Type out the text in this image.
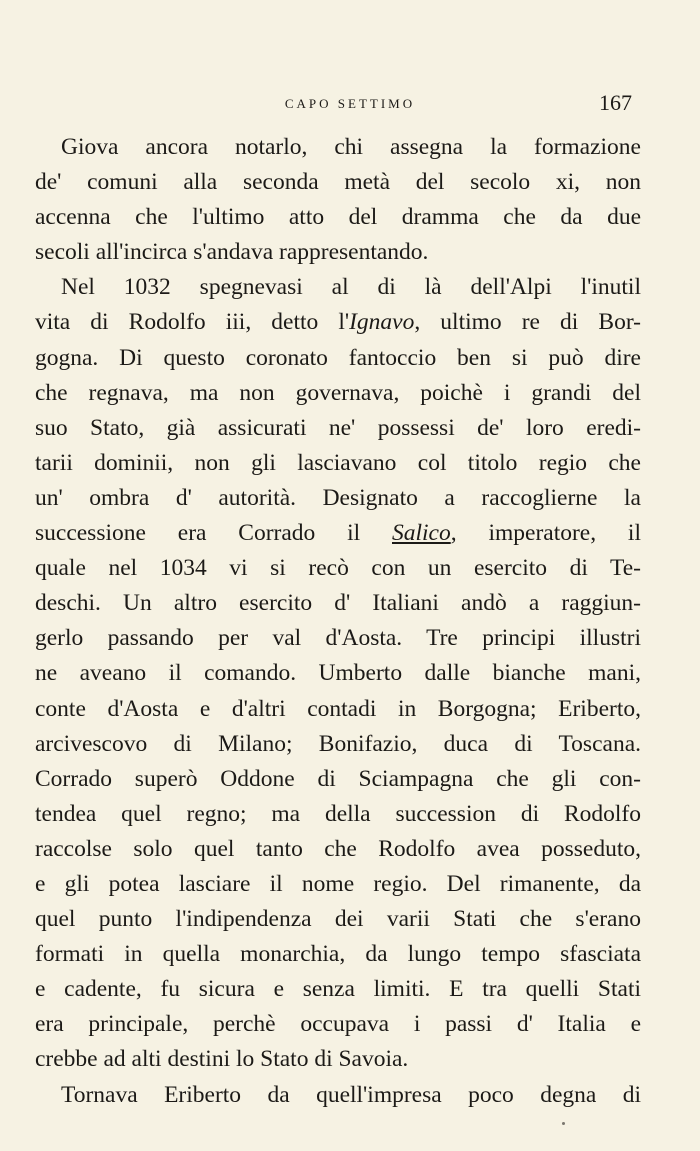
CAPO SETTIMO	167
Giova ancora notarlo, chi assegna la formazione
de' comuni alla seconda metà del secolo xi, non
accenna che l'ultimo atto del dramma che da due
secoli all'incirca s'andava rappresentando.
Nel 1032 spegnevasi al di là dell'Alpi l'inutil
vita di Rodolfo iii, detto l'Ignavo, ultimo re di Bor-
gogna. Di questo coronato fantoccio ben si può dire
che regnava, ma non governava, poichè i grandi del
suo Stato, già assicurati ne' possessi de' loro eredi-
tarii dominii, non gli lasciavano col titolo regio che
un' ombra d' autorità. Designato a raccoglierne la
successione era Corrado il Salico, imperatore, il
quale nel 1034 vi si recò con un esercito di Te-
deschi. Un altro esercito d' Italiani andò a raggiun-
gerlo passando per val d'Aosta. Tre principi illustri
ne aveano il comando. Umberto dalle bianche mani,
conte d'Aosta e d'altri contadi in Borgogna; Eriberto,
arcivescovo di Milano; Bonifazio, duca di Toscana.
Corrado superò Oddone di Sciampagna che gli con-
tendea quel regno; ma della succession di Rodolfo
raccolse solo quel tanto che Rodolfo avea posseduto,
e gli potea lasciare il nome regio. Del rimanente, da
quel punto l'indipendenza dei varii Stati che s'erano
formati in quella monarchia, da lungo tempo sfasciata
e cadente, fu sicura e senza limiti. E tra quelli Stati
era principale, perchè occupava i passi d' Italia e
crebbe ad alti destini lo Stato di Savoia.
Tornava Eriberto da quell'impresa poco degna di
